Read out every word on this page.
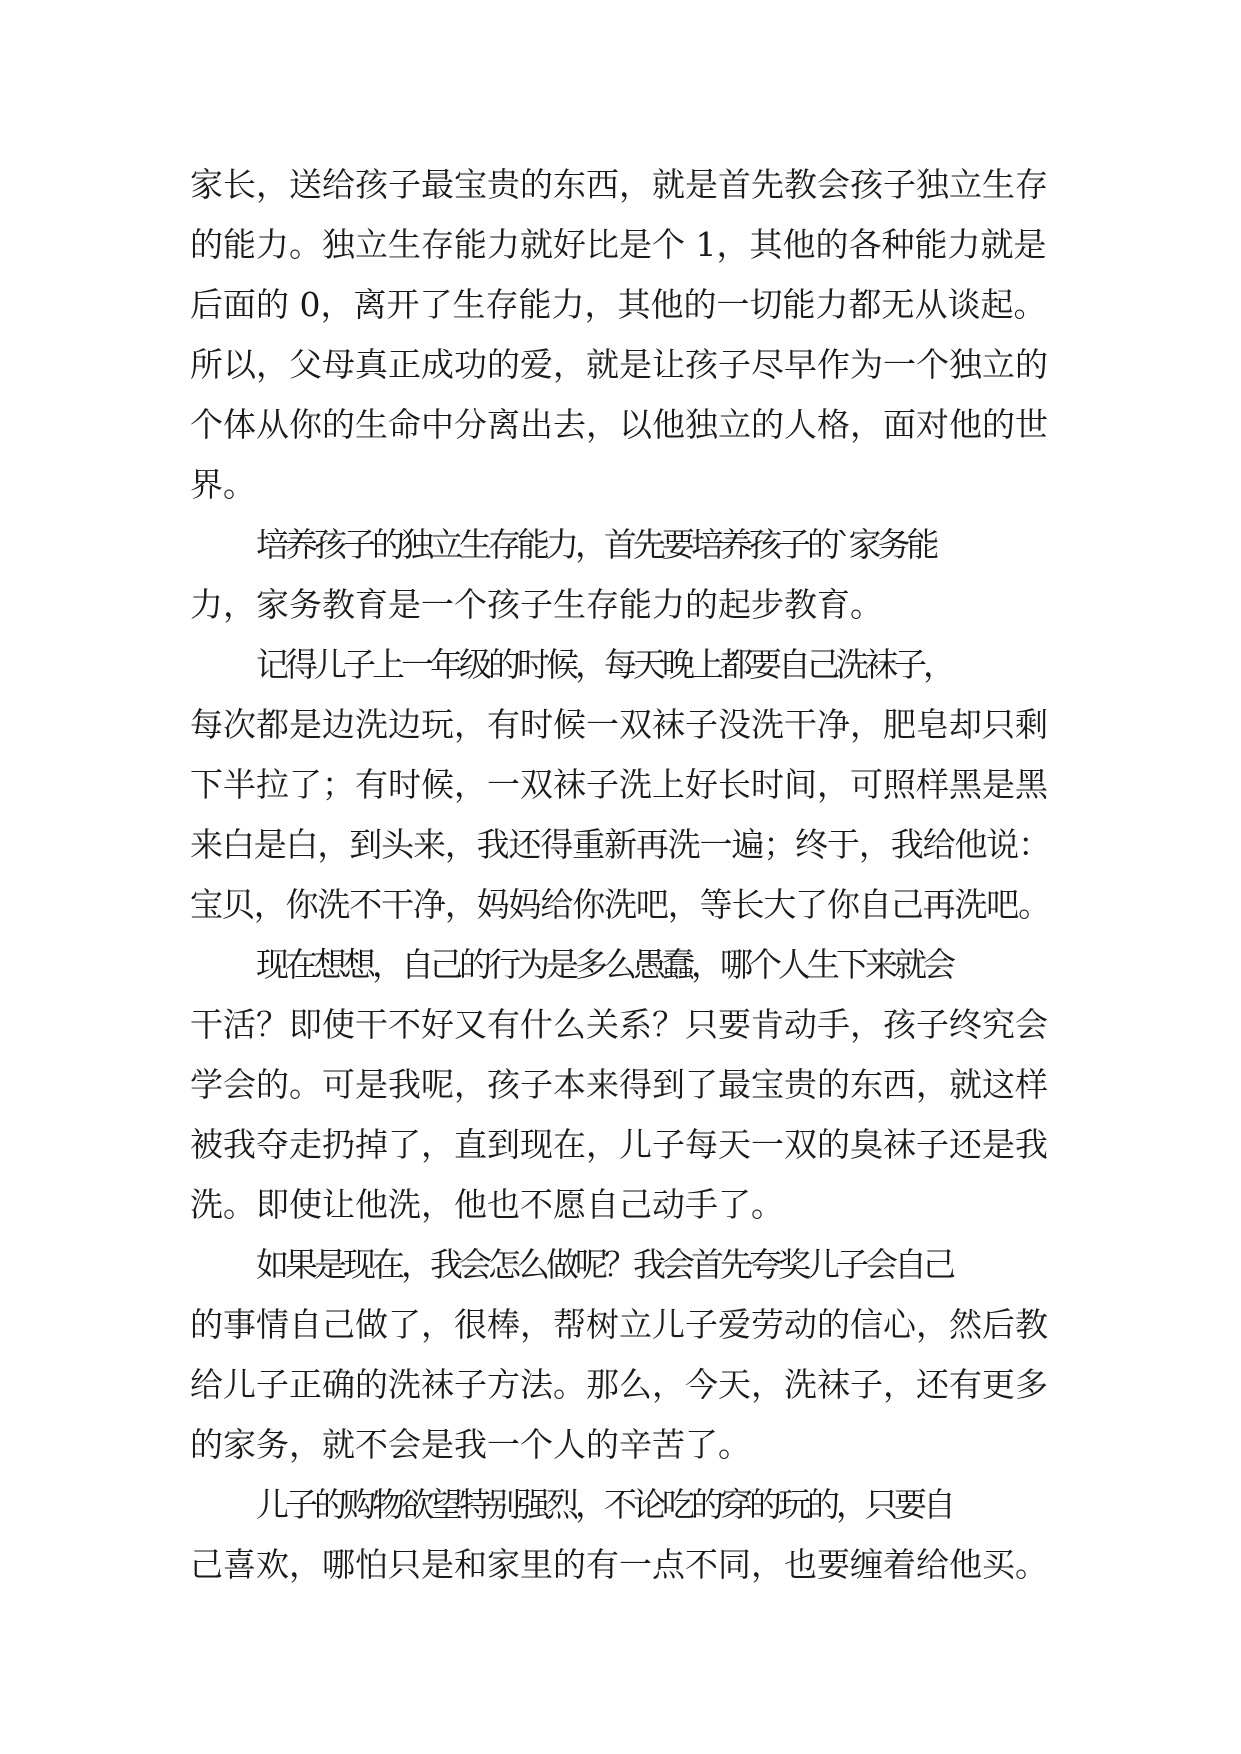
家长，送给孩子最宝贵的东西，就是首先教会孩子独立生存
的能力。独立生存能力就好比是个 1，其他的各种能力就是
后面的 0，离开了生存能力，其他的一切能力都无从谈起。
所以，父母真正成功的爱，就是让孩子尽早作为一个独立的
个体从你的生命中分离出去，以他独立的人格，面对他的世
界。
培养孩子的独立生存能力，首先要培养孩子的`家务能
力，家务教育是一个孩子生存能力的起步教育。
记得儿子上一年级的时候，每天晚上都要自己洗袜子，
每次都是边洗边玩，有时候一双袜子没洗干净，肥皂却只剩
下半拉了；有时候，一双袜子洗上好长时间，可照样黑是黑
来白是白，到头来，我还得重新再洗一遍；终于，我给他说：
宝贝，你洗不干净，妈妈给你洗吧，等长大了你自己再洗吧。
现在想想，自己的行为是多么愚蠢，哪个人生下来就会
干活？即使干不好又有什么关系？只要肯动手，孩子终究会
学会的。可是我呢，孩子本来得到了最宝贵的东西，就这样
被我夺走扔掉了，直到现在，儿子每天一双的臭袜子还是我
洗。即使让他洗，他也不愿自己动手了。
如果是现在，我会怎么做呢？我会首先夸奖儿子会自己
的事情自己做了，很棒，帮树立儿子爱劳动的信心，然后教
给儿子正确的洗袜子方法。那么，今天，洗袜子，还有更多
的家务，就不会是我一个人的辛苦了。
儿子的购物欲望特别强烈，不论吃的穿的玩的，只要自
己喜欢，哪怕只是和家里的有一点不同，也要缠着给他买。
